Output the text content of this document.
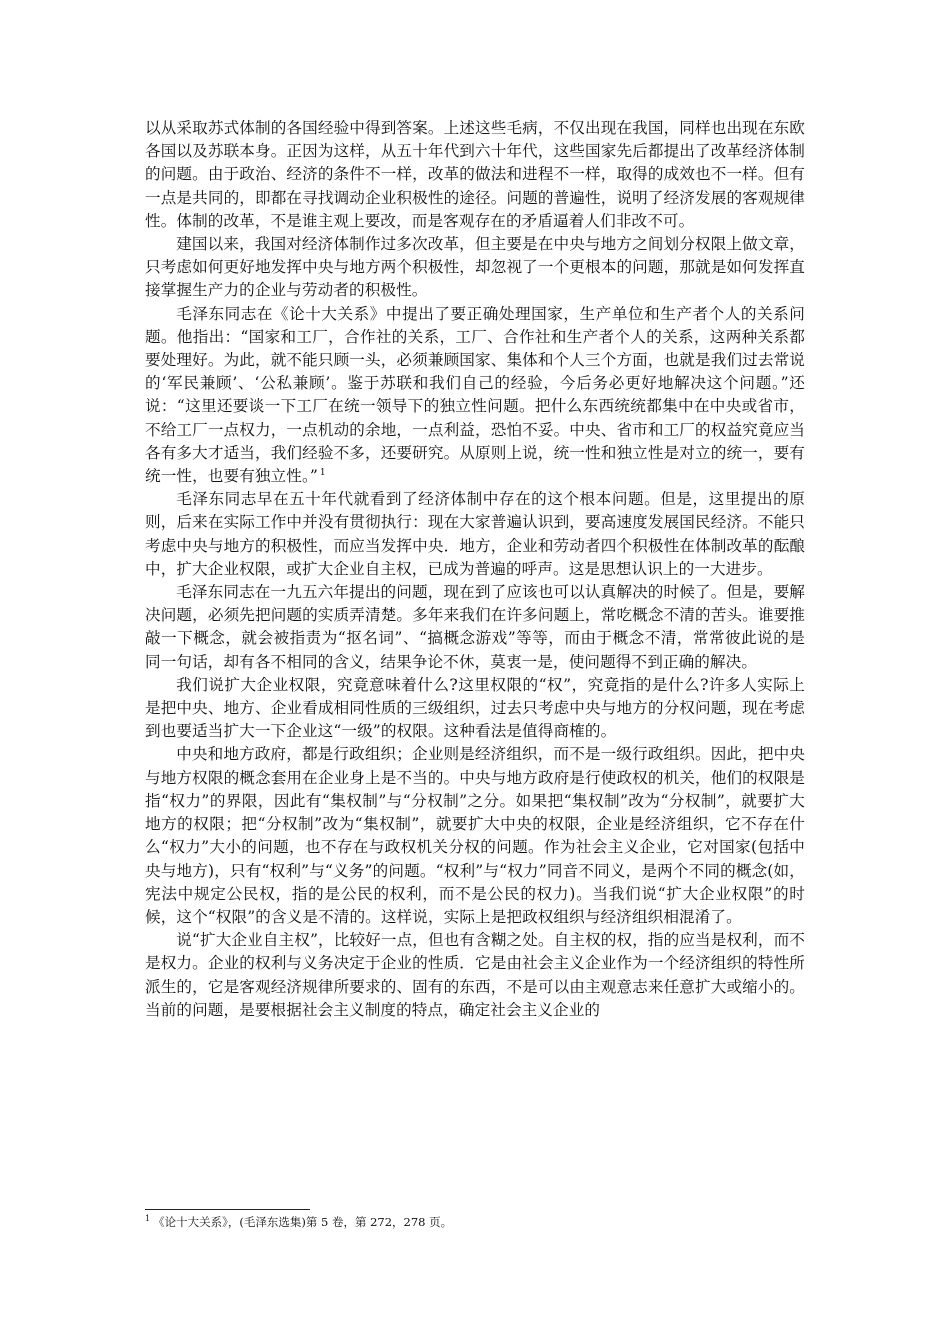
以从采取苏式体制的各国经验中得到答案。上述这些毛病，不仅出现在我国，同样也出现在东欧各国以及苏联本身。正因为这样，从五十年代到六十年代，这些国家先后都提出了改革经济体制的问题。由于政治、经济的条件不一样，改革的做法和进程不一样，取得的成效也不一样。但有一点是共同的，即都在寻找调动企业积极性的途径。问题的普遍性，说明了经济发展的客观规律性。体制的改革，不是谁主观上要改，而是客观存在的矛盾逼着人们非改不可。

建国以来，我国对经济体制作过多次改革，但主要是在中央与地方之间划分权限上做文章，只考虑如何更好地发挥中央与地方两个积极性，却忽视了一个更根本的问题，那就是如何发挥直接掌握生产力的企业与劳动者的积极性。

毛泽东同志在《论十大关系》中提出了要正确处理国家，生产单位和生产者个人的关系问题。他指出：“国家和工厂，合作社的关系，工厂、合作社和生产者个人的关系，这两种关系都要处理好。为此，就不能只顾一头，必须兼顾国家、集体和个人三个方面，也就是我们过去常说的‘军民兼顾’、‘公私兼顾’。鉴于苏联和我们自己的经验，今后务必更好地解决这个问题。”还说：“这里还要谈一下工厂在统一领导下的独立性问题。把什么东西统统都集中在中央或省市，不给工厂一点权力，一点机动的余地，一点利益，恐怕不妥。中央、省市和工厂的权益究竟应当各有多大才适当，我们经验不多，还要研究。从原则上说，统一性和独立性是对立的统一，要有统一性，也要有独立性。” $^1$

毛泽东同志早在五十年代就看到了经济体制中存在的这个根本问题。但是，这里提出的原则，后来在实际工作中并没有贯彻执行：现在大家普遍认识到，要高速度发展国民经济。不能只考虑中央与地方的积极性，而应当发挥中央．地方，企业和劳动者四个积极性在体制改革的酝酿中，扩大企业权限，或扩大企业自主权，已成为普遍的呼声。这是思想认识上的一大进步。

毛泽东同志在一九五六年提出的问题，现在到了应该也可以认真解决的时候了。但是，要解决问题，必须先把问题的实质弄清楚。多年来我们在许多问题上，常吃概念不清的苦头。谁要推敲一下概念，就会被指责为“抠名词”、“搞概念游戏”等等，而由于概念不清，常常彼此说的是同一句话，却有各不相同的含义，结果争论不休，莫衷一是，使问题得不到正确的解决。

我们说扩大企业权限，究竟意味着什么?这里权限的“权”，究竟指的是什么?许多人实际上是把中央、地方、企业看成相同性质的三级组织，过去只考虑中央与地方的分权问题，现在考虑到也要适当扩大一下企业这“一级”的权限。这种看法是值得商榷的。

中央和地方政府，都是行政组织；企业则是经济组织，而不是一级行政组织。因此，把中央与地方权限的概念套用在企业身上是不当的。中央与地方政府是行使政权的机关，他们的权限是指“权力”的界限，因此有“集权制”与“分权制”之分。如果把“集权制”改为“分权制”，就要扩大地方的权限；把“分权制”改为“集权制”，就要扩大中央的权限，企业是经济组织，它不存在什么“权力”大小的问题，也不存在与政权机关分权的问题。作为社会主义企业，它对国家(包括中央与地方)，只有“权利”与“义务”的问题。“权利”与“权力”同音不同义，是两个不同的概念(如，宪法中规定公民权，指的是公民的权利，而不是公民的权力)。当我们说“扩大企业权限”的时候，这个“权限”的含义是不清的。这样说，实际上是把政权组织与经济组织相混淆了。

说“扩大企业自主权”，比较好一点，但也有含糊之处。自主权的权，指的应当是权利，而不是权力。企业的权利与义务决定于企业的性质．它是由社会主义企业作为一个经济组织的特性所派生的，它是客观经济规律所要求的、固有的东西，不是可以由主观意志来任意扩大或缩小的。当前的问题，是要根据社会主义制度的特点，确定社会主义企业的

$^1$ 《论十大关系》，(毛泽东选集)第 5 卷，第 272，278 页。
